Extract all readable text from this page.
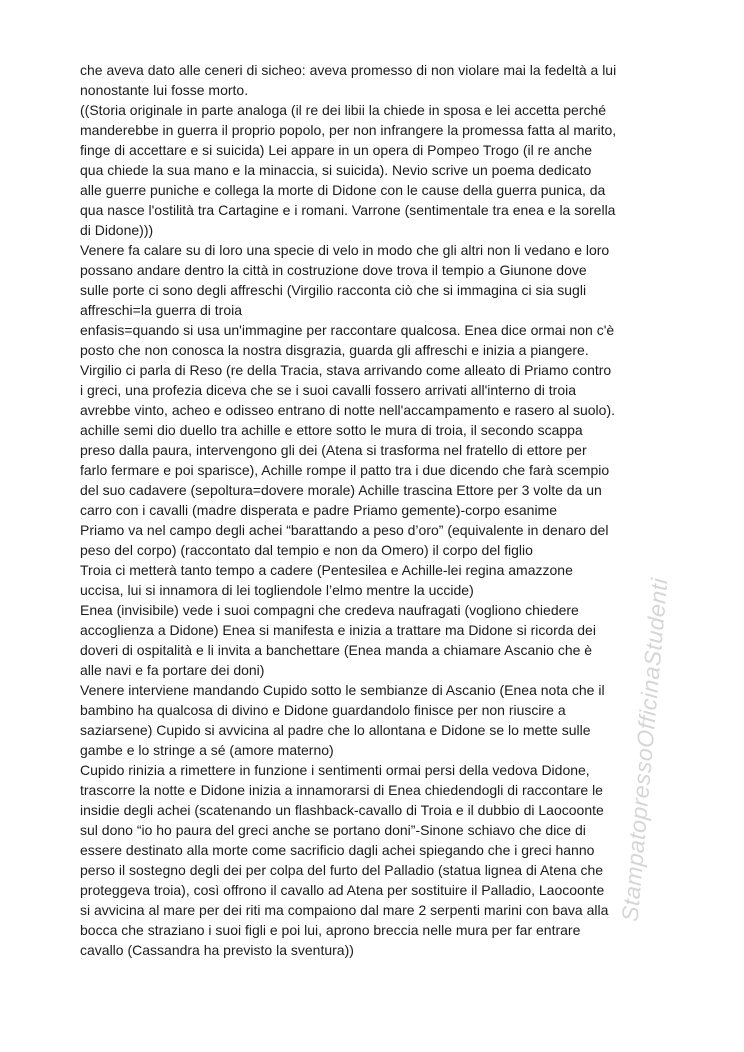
che aveva dato alle ceneri di sicheo: aveva promesso di non violare mai la fedeltà a lui
nonostante lui fosse morto.
((Storia originale in parte analoga (il re dei libii la chiede in sposa e lei accetta perché
manderebbe in guerra il proprio popolo, per non infrangere la promessa fatta al marito,
finge di accettare e si suicida) Lei appare in un opera di Pompeo Trogo (il re anche
qua chiede la sua mano e la minaccia, si suicida). Nevio scrive un poema dedicato
alle guerre puniche e collega la morte di Didone con le cause della guerra punica, da
qua nasce l'ostilità tra Cartagine e i romani. Varrone (sentimentale tra enea e la sorella
di Didone)))
Venere fa calare su di loro una specie di velo in modo che gli altri non li vedano e loro
possano andare dentro la città in costruzione dove trova il tempio a Giunone dove
sulle porte ci sono degli affreschi (Virgilio racconta ciò che si immagina ci sia sugli
affreschi=la guerra di troia
enfasis=quando si usa un'immagine per raccontare qualcosa. Enea dice ormai non c'è
posto che non conosca la nostra disgrazia, guarda gli affreschi e inizia a piangere.
Virgilio ci parla di Reso (re della Tracia, stava arrivando come alleato di Priamo contro
i greci, una profezia diceva che se i suoi cavalli fossero arrivati all'interno di troia
avrebbe vinto, acheo e odisseo entrano di notte nell'accampamento e rasero al suolo).
achille semi dio duello tra achille e ettore sotto le mura di troia, il secondo scappa
preso dalla paura, intervengono gli dei (Atena si trasforma nel fratello di ettore per
farlo fermare e poi sparisce), Achille rompe il patto tra i due dicendo che farà scempio
del suo cadavere (sepoltura=dovere morale) Achille trascina Ettore per 3 volte da un
carro con i cavalli (madre disperata e padre Priamo gemente)-corpo esanime
Priamo va nel campo degli achei “barattando a peso d’oro” (equivalente in denaro del
peso del corpo) (raccontato dal tempio e non da Omero) il corpo del figlio
Troia ci metterà tanto tempo a cadere (Pentesilea e Achille-lei regina amazzone
uccisa, lui si innamora di lei togliendole l’elmo mentre la uccide)
Enea (invisibile) vede i suoi compagni che credeva naufragati (vogliono chiedere
accoglienza a Didone) Enea si manifesta e inizia a trattare ma Didone si ricorda dei
doveri di ospitalità e li invita a banchettare (Enea manda a chiamare Ascanio che è
alle navi e fa portare dei doni)
Venere interviene mandando Cupido sotto le sembianze di Ascanio (Enea nota che il
bambino ha qualcosa di divino e Didone guardandolo finisce per non riuscire a
saziarsene) Cupido si avvicina al padre che lo allontana e Didone se lo mette sulle
gambe e lo stringe a sé (amore materno)
Cupido rinizia a rimettere in funzione i sentimenti ormai persi della vedova Didone,
trascorre la notte e Didone inizia a innamorarsi di Enea chiedendogli di raccontare le
insidie degli achei (scatenando un flashback-cavallo di Troia e il dubbio di Laocoonte
sul dono “io ho paura del greci anche se portano doni”-Sinone schiavo che dice di
essere destinato alla morte come sacrificio dagli achei spiegando che i greci hanno
perso il sostegno degli dei per colpa del furto del Palladio (statua lignea di Atena che
proteggeva troia), così offrono il cavallo ad Atena per sostituire il Palladio, Laocoonte
si avvicina al mare per dei riti ma compaiono dal mare 2 serpenti marini con bava alla
bocca che straziano i suoi figli e poi lui, aprono breccia nelle mura per far entrare
cavallo (Cassandra ha previsto la sventura))
StampatopressoOfficinaStudenti
